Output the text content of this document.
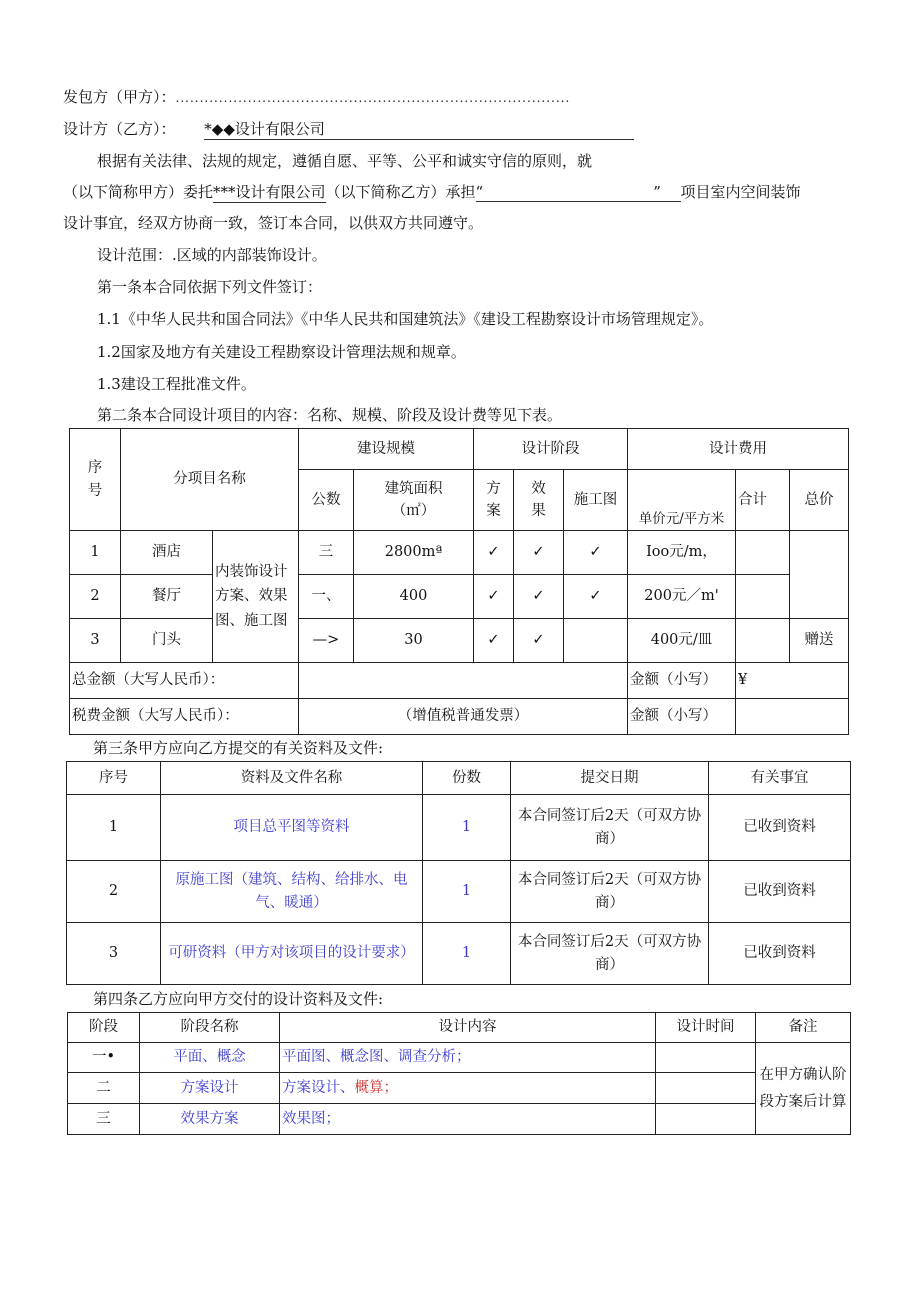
发包方（甲方）：..................................................................................
设计方（乙方）： *◆◆设计有限公司
根据有关法律、法规的规定，遵循自愿、平等、公平和诚实守信的原则，就
（以下简称甲方）委托***设计有限公司（以下简称乙方）承担“	” 项目室内空间装饰
设计事宜，经双方协商一致，签订本合同，以供双方共同遵守。
设计范围：.区域的内部装饰设计。
第一条本合同依据下列文件签订：
1.1《中华人民共和国合同法》《中华人民共和国建筑法》《建设工程勘察设计市场管理规定》。
1.2国家及地方有关建设工程勘察设计管理法规和规章。
1.3建设工程批准文件。
第二条本合同设计项目的内容：名称、规模、阶段及设计费等见下表。
序号	分项目名称		建设规模		设计阶段			设计费用		
			公数	建筑面积（㎡）	方案	效果	施工图	单价元/平方米	合计	总价
1	酒店	内装饰设计方案、效果图、施工图	三	2800mª	✓	✓	✓	Ioo元/m，		
2	餐厅		一、	400	✓	✓	✓	200元／m'		
3	门头		—>	30	✓	✓		400元/皿		赠送
总金额（大写人民币）：								金额（小写）	¥	
税费金额（大写人民币）：			（增值税普通发票）					金额（小写）		
第三条甲方应向乙方提交的有关资料及文件:
序号	资料及文件名称	份数	提交日期	有关事宜
1	项目总平图等资料	1	本合同签订后2天（可双方协商）	已收到资料
2	原施工图（建筑、结构、给排水、电气、暖通）	1	本合同签订后2天（可双方协商）	已收到资料
3	可研资料（甲方对该项目的设计要求）	1	本合同签订后2天（可双方协商）	已收到资料
第四条乙方应向甲方交付的设计资料及文件:
阶段	阶段名称	设计内容	设计时间	备注
一•	平面、概念	平面图、概念图、调查分析；		在甲方确认阶段方案后计算
二	方案设计	方案设计、概算；		
三	效果方案	效果图；		
